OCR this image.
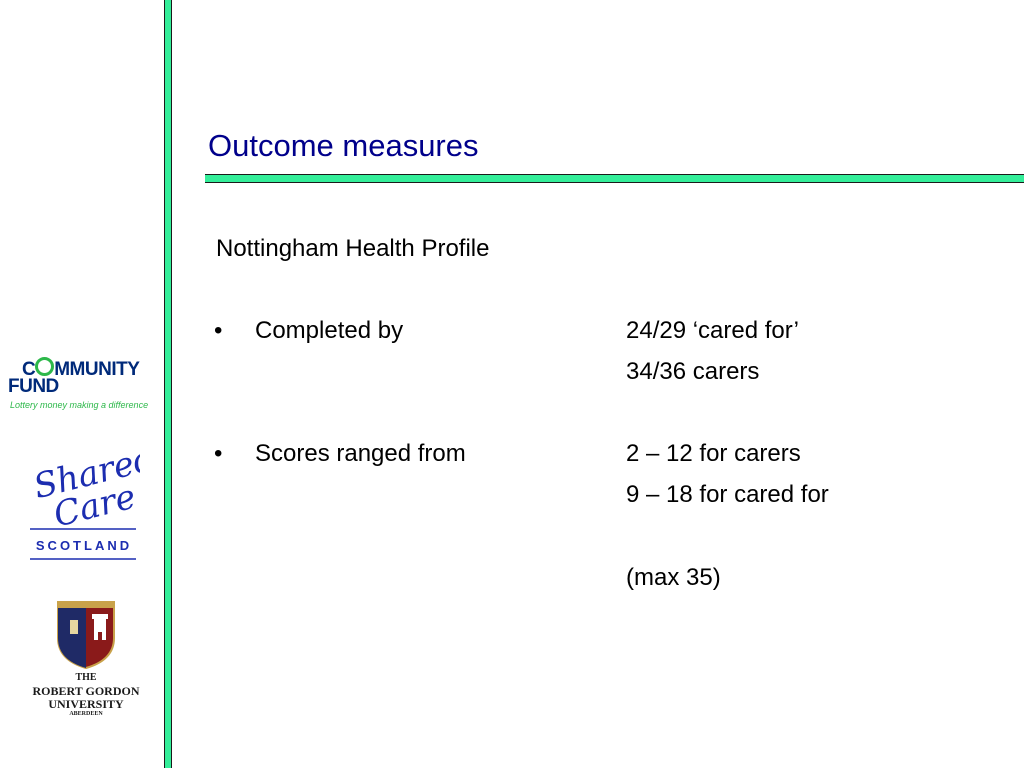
Outcome measures
Nottingham Health Profile
• Completed by	24/29 ‘cared for’
34/36 carers
• Scores ranged from	2 – 12 for carers
9 – 18 for cared for
(max 35)
C MMUNITY
FUND
Lottery money making a difference
Shared
Care
SCOTLAND
THE
ROBERT GORDON
UNIVERSITY
ABERDEEN
